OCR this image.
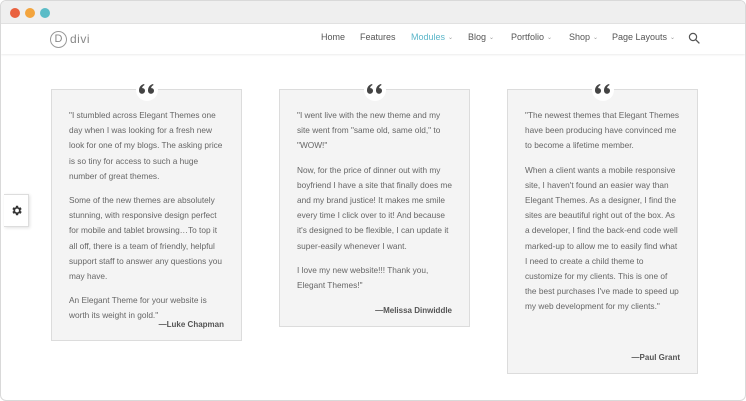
D divi	Home Features Modules ⌄ Blog ⌄ Portfolio ⌄ Shop ⌄ Page Layouts ⌄

"I stumbled across Elegant Themes one day when I was looking for a fresh new look for one of my blogs. The asking price is so tiny for access to such a huge number of great themes.

Some of the new themes are absolutely stunning, with responsive design perfect for mobile and tablet browsing…To top it all off, there is a team of friendly, helpful support staff to answer any questions you may have.

An Elegant Theme for your website is worth its weight in gold."

—Luke Chapman

"I went live with the new theme and my site went from "same old, same old," to "WOW!"

Now, for the price of dinner out with my boyfriend I have a site that finally does me and my brand justice! It makes me smile every time I click over to it! And because it's designed to be flexible, I can update it super-easily whenever I want.

I love my new website!!! Thank you, Elegant Themes!"

—Melissa Dinwiddle

"The newest themes that Elegant Themes have been producing have convinced me to become a lifetime member.

When a client wants a mobile responsive site, I haven't found an easier way than Elegant Themes. As a designer, I find the sites are beautiful right out of the box. As a developer, I find the back-end code well marked-up to allow me to easily find what I need to create a child theme to customize for my clients. This is one of the best purchases I've made to speed up my web development for my clients."

—Paul Grant
